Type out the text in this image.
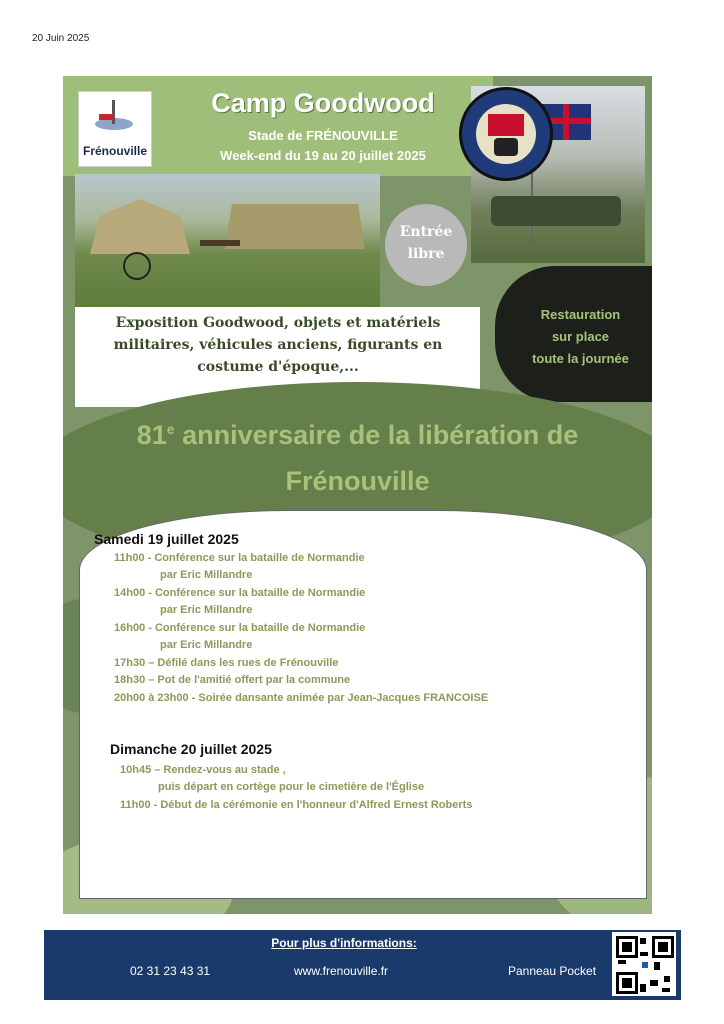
20 Juin 2025
Frénouville
Camp Goodwood
Stade de FRÉNOUVILLE
Week-end du 19 au 20 juillet 2025
Entrée
libre
Exposition Goodwood, objets et matériels militaires, véhicules anciens, figurants en costume d'époque,...
Restauration
sur place
toute la journée
81e anniversaire de la libération de
Frénouville
Samedi 19 juillet 2025
11h00 - Conférence sur la bataille de Normandie
par Eric Millandre
14h00 - Conférence sur la bataille de Normandie
par Eric Millandre
16h00 - Conférence sur la bataille de Normandie
par Eric Millandre
17h30 – Défilé dans les rues de Frénouville
18h30 – Pot de l'amitié offert par la commune
20h00 à 23h00 - Soirée dansante animée par Jean-Jacques FRANCOISE
Dimanche 20 juillet 2025
10h45 – Rendez-vous au stade ,
puis départ en cortège pour le cimetière de l'Église
11h00 - Début de la cérémonie en l'honneur d'Alfred Ernest Roberts
Pour plus d'informations:
02 31 23 43 31	www.frenouville.fr	Panneau Pocket
